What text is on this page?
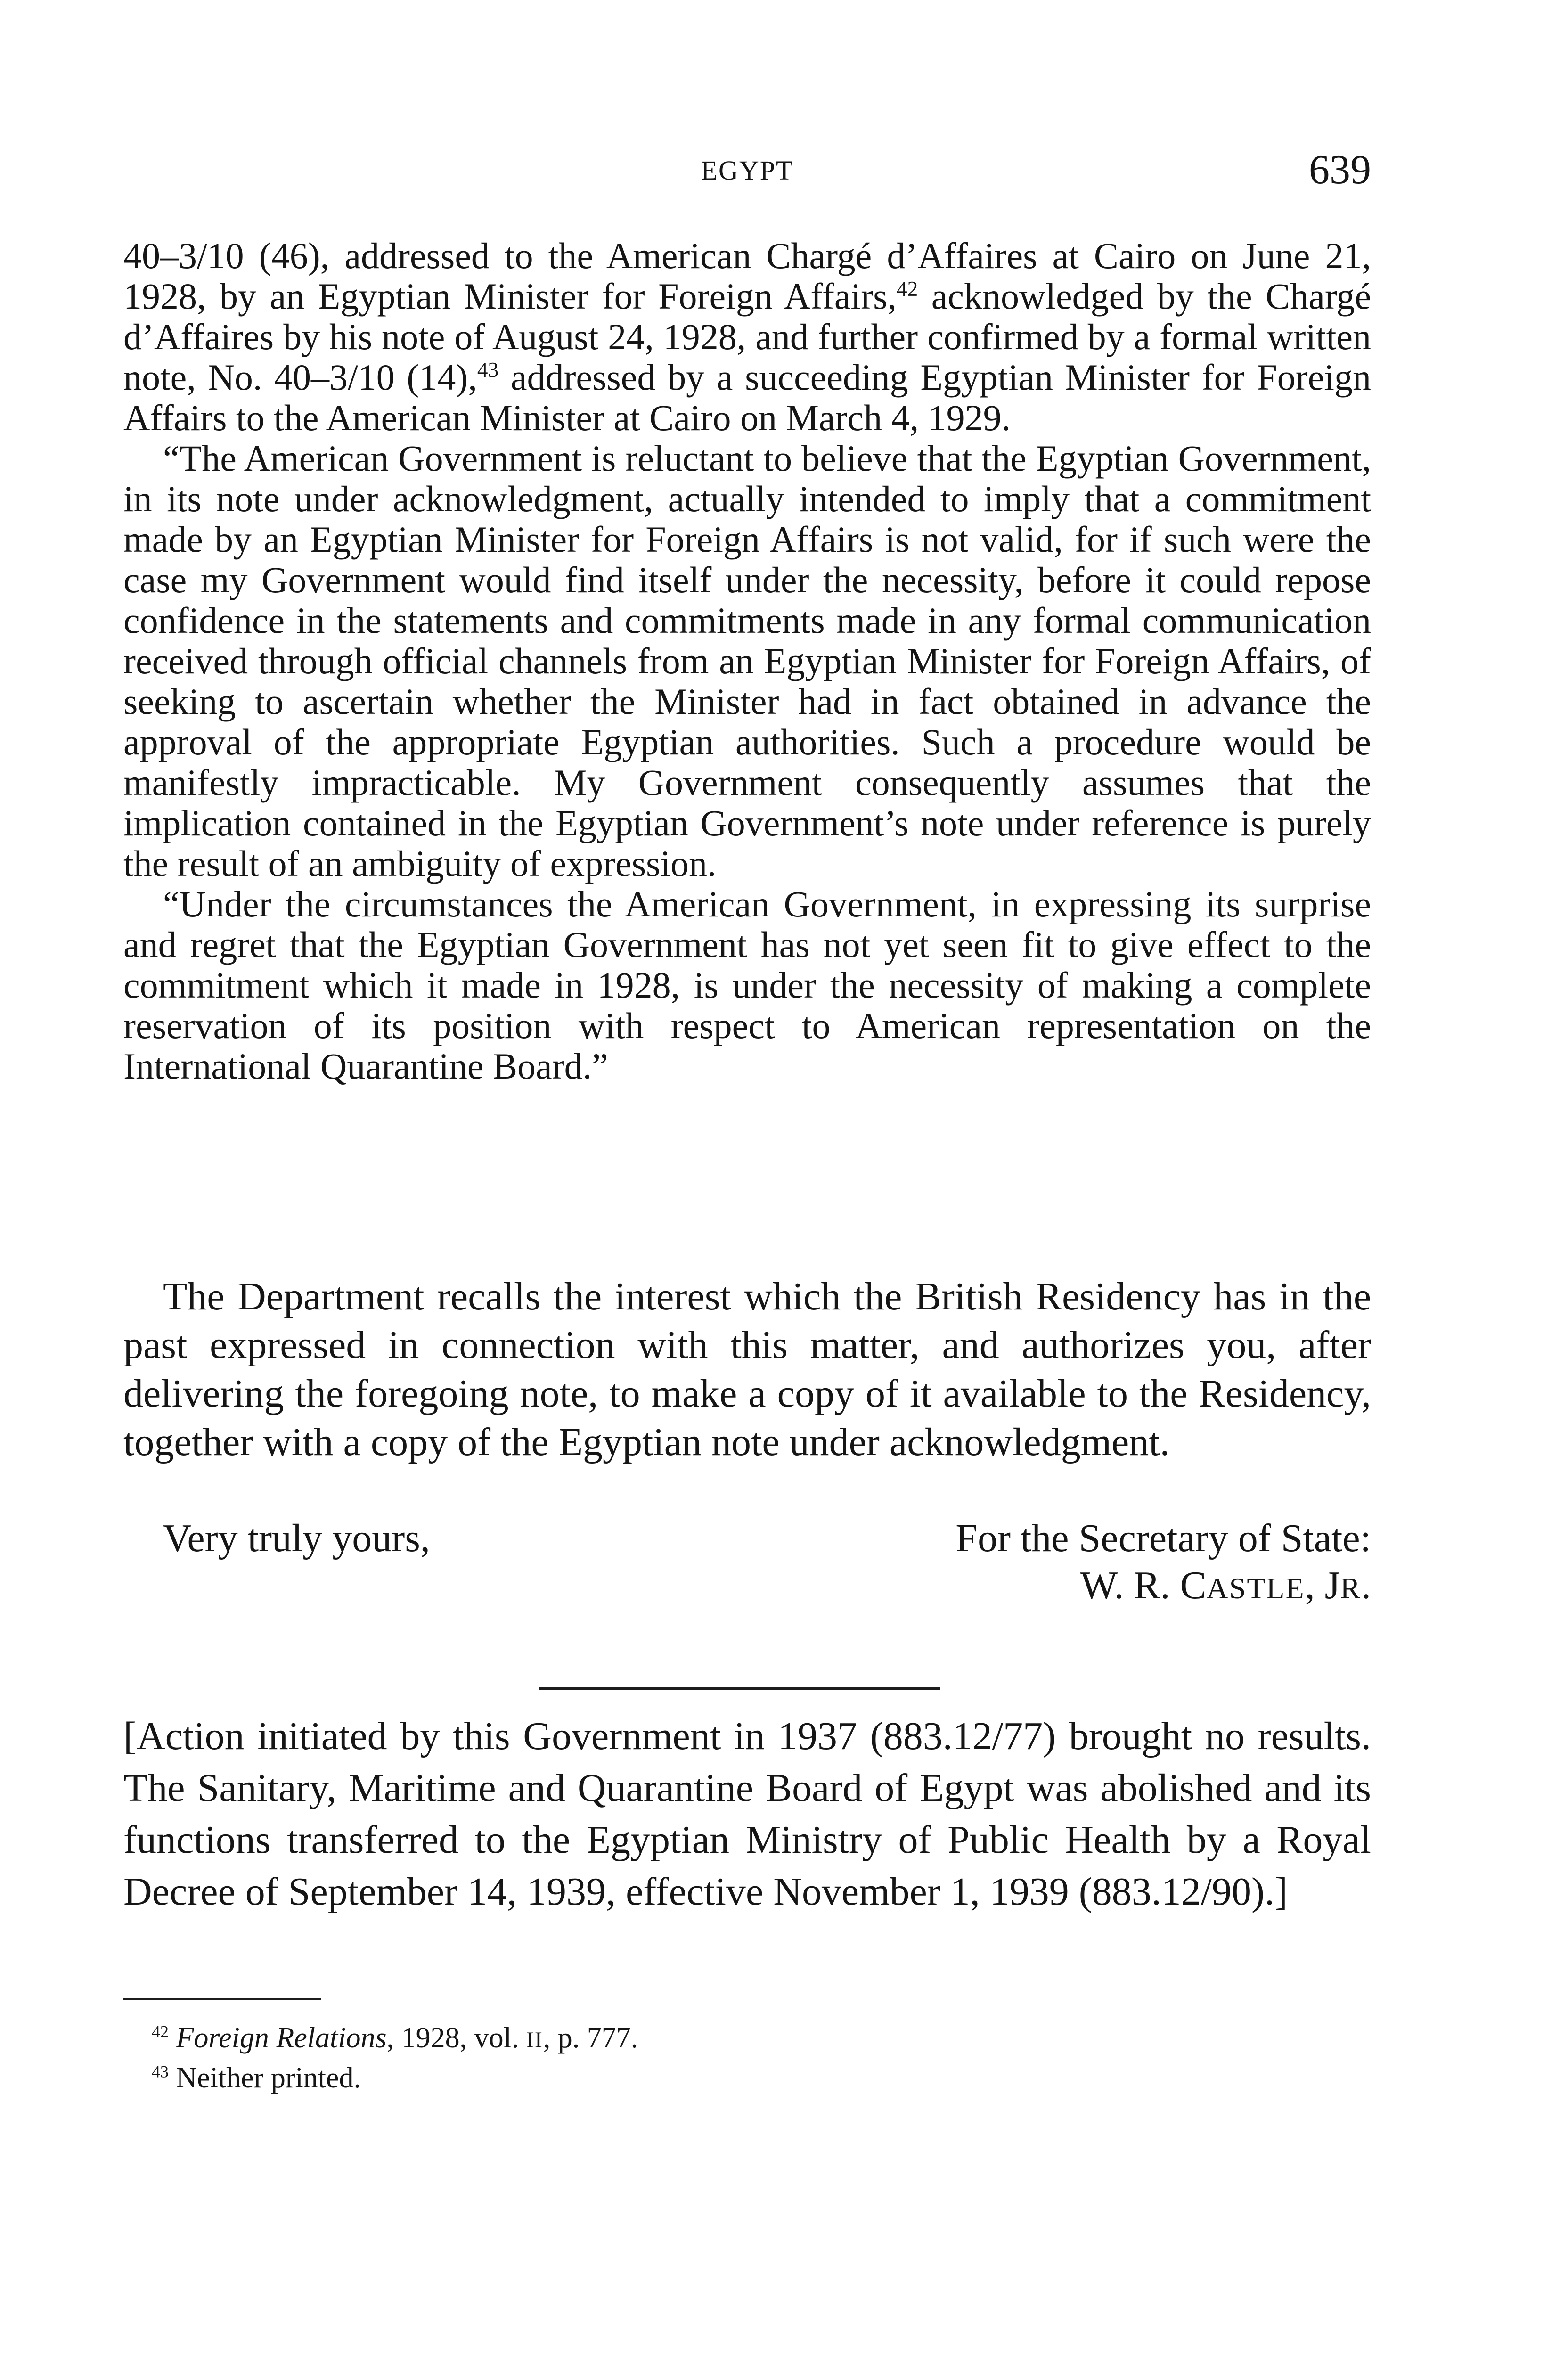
EGYPT	639

40–3/10 (46), addressed to the American Chargé d’Affaires at Cairo on June 21, 1928, by an Egyptian Minister for Foreign Affairs,$^{42}$ acknowledged by the Chargé d’Affaires by his note of August 24, 1928, and further confirmed by a formal written note, No. 40–3/10 (14),$^{43}$ addressed by a succeeding Egyptian Minister for Foreign Affairs to the American Minister at Cairo on March 4, 1929.

“The American Government is reluctant to believe that the Egyptian Government, in its note under acknowledgment, actually intended to imply that a commitment made by an Egyptian Minister for Foreign Affairs is not valid, for if such were the case my Government would find itself under the necessity, before it could repose confidence in the statements and commitments made in any formal communication received through official channels from an Egyptian Minister for Foreign Affairs, of seeking to ascertain whether the Minister had in fact obtained in advance the approval of the appropriate Egyptian authorities. Such a procedure would be manifestly impracticable. My Government consequently assumes that the implication contained in the Egyptian Government’s note under reference is purely the result of an ambiguity of expression.

“Under the circumstances the American Government, in expressing its surprise and regret that the Egyptian Government has not yet seen fit to give effect to the commitment which it made in 1928, is under the necessity of making a complete reservation of its position with respect to American representation on the International Quarantine Board.”

The Department recalls the interest which the British Residency has in the past expressed in connection with this matter, and authorizes you, after delivering the foregoing note, to make a copy of it available to the Residency, together with a copy of the Egyptian note under acknowledgment.

Very truly yours,	For the Secretary of State:
W. R. CASTLE, JR.

[Action initiated by this Government in 1937 (883.12/77) brought no results. The Sanitary, Maritime and Quarantine Board of Egypt was abolished and its functions transferred to the Egyptian Ministry of Public Health by a Royal Decree of September 14, 1939, effective November 1, 1939 (883.12/90).]

$^{42}$ Foreign Relations, 1928, vol. II, p. 777.
$^{43}$ Neither printed.
